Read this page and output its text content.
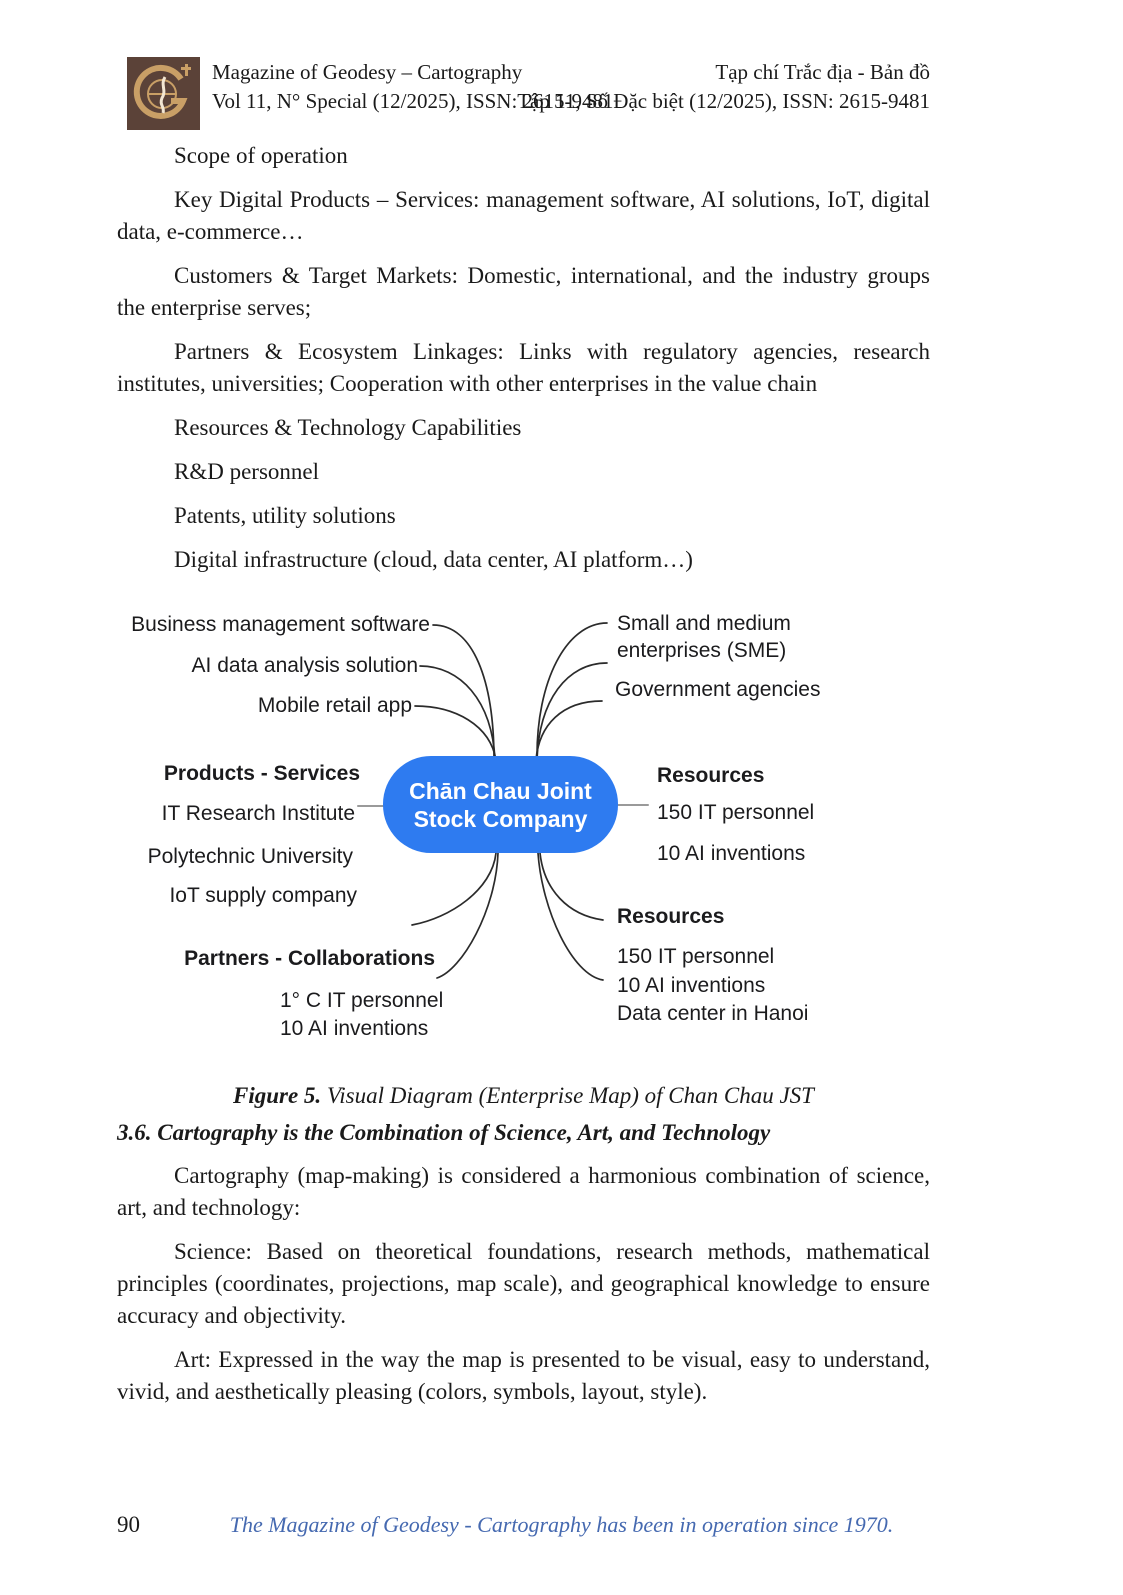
Magazine of Geodesy – Cartography
Vol 11, N° Special (12/2025), ISSN: 2615-9481
Tạp chí Trắc địa - Bản đồ
Tập 11, Số Đặc biệt (12/2025), ISSN: 2615-9481

Scope of operation

Key Digital Products – Services: management software, AI solutions, IoT, digital data, e-commerce…

Customers & Target Markets: Domestic, international, and the industry groups the enterprise serves;

Partners & Ecosystem Linkages: Links with regulatory agencies, research institutes, universities; Cooperation with other enterprises in the value chain

Resources & Technology Capabilities

R&D personnel

Patents, utility solutions

Digital infrastructure (cloud, data center, AI platform…)

Chān Chau Joint
Stock Company
Business management software
AI data analysis solution
Mobile retail app
Small and medium
enterprises (SME)
Government agencies
Products - Services
IT Research Institute
Polytechnic University
IoT supply company
Resources
150 IT personnel
10 AI inventions
Partners - Collaborations
1° C IT personnel
10 AI inventions
Resources
150 IT personnel
10 AI inventions
Data center in Hanoi
Figure 5. Visual Diagram (Enterprise Map) of Chan Chau JST
3.6. Cartography is the Combination of Science, Art, and Technology

Cartography (map-making) is considered a harmonious combination of science, art, and technology:

Science: Based on theoretical foundations, research methods, mathematical principles (coordinates, projections, map scale), and geographical knowledge to ensure accuracy and objectivity.

Art: Expressed in the way the map is presented to be visual, easy to understand, vivid, and aesthetically pleasing (colors, symbols, layout, style).

90	The Magazine of Geodesy - Cartography has been in operation since 1970.
